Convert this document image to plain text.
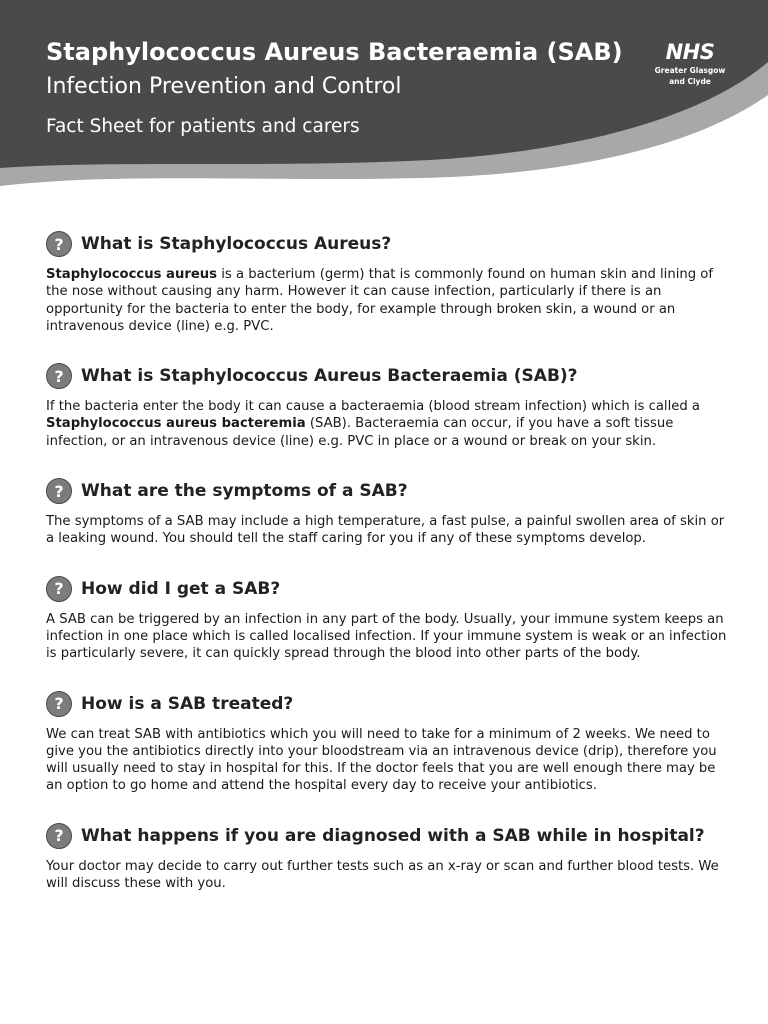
Staphylococcus Aureus Bacteraemia (SAB)
Infection Prevention and Control
Fact Sheet for patients and carers
NHS
Greater Glasgow
and Clyde
?	What is Staphylococcus Aureus?

Staphylococcus aureus is a bacterium (germ) that is commonly found on human skin and lining of the nose without causing any harm. However it can cause infection, particularly if there is an opportunity for the bacteria to enter the body, for example through broken skin, a wound or an intravenous device (line) e.g. PVC.

?	What is Staphylococcus Aureus Bacteraemia (SAB)?

If the bacteria enter the body it can cause a bacteraemia (blood stream infection) which is called a Staphylococcus aureus bacteremia (SAB). Bacteraemia can occur, if you have a soft tissue infection, or an intravenous device (line) e.g. PVC in place or a wound or break on your skin.

?	What are the symptoms of a SAB?

The symptoms of a SAB may include a high temperature, a fast pulse, a painful swollen area of skin or a leaking wound. You should tell the staff caring for you if any of these symptoms develop.

?	How did I get a SAB?

A SAB can be triggered by an infection in any part of the body. Usually, your immune system keeps an infection in one place which is called localised infection. If your immune system is weak or an infection is particularly severe, it can quickly spread through the blood into other parts of the body.

?	How is a SAB treated?

We can treat SAB with antibiotics which you will need to take for a minimum of 2 weeks. We need to give you the antibiotics directly into your bloodstream via an intravenous device (drip), therefore you will usually need to stay in hospital for this. If the doctor feels that you are well enough there may be an option to go home and attend the hospital every day to receive your antibiotics.

?	What happens if you are diagnosed with a SAB while in hospital?

Your doctor may decide to carry out further tests such as an x-ray or scan and further blood tests. We will discuss these with you.
